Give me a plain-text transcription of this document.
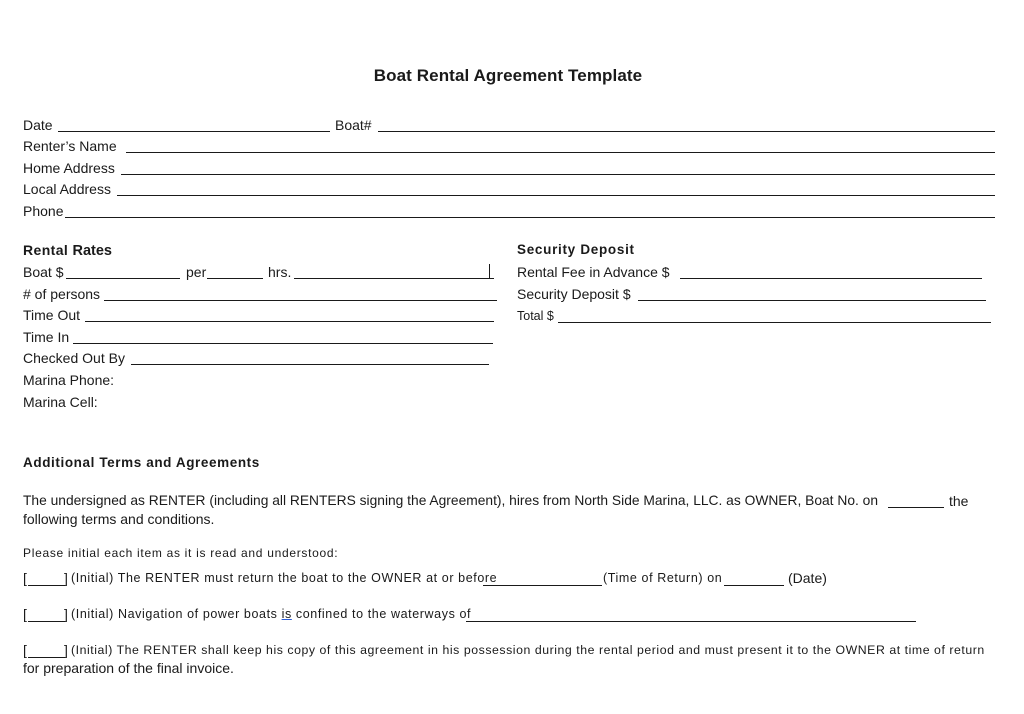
Boat Rental Agreement Template
Date	Boat#
Renter’s Name
Home Address
Local Address
Phone
Rental Rates
Boat $	per	hrs.
# of persons
Time Out
Time In
Checked Out By
Marina Phone:
Marina Cell:
Security Deposit
Rental Fee in Advance $
Security Deposit $
Total $
Additional Terms and Agreements
The undersigned as RENTER (including all RENTERS signing the Agreement), hires from North Side Marina, LLC. as OWNER, Boat No. on	the
following terms and conditions.
Please initial each item as it is read and understood:
[	] (Initial) The RENTER must return the boat to the OWNER at or before	(Time of Return) on	(Date)
[	] (Initial) Navigation of power boats is confined to the waterways of
[	] (Initial) The RENTER shall keep his copy of this agreement in his possession during the rental period and must present it to the OWNER at time of return
for preparation of the final invoice.
